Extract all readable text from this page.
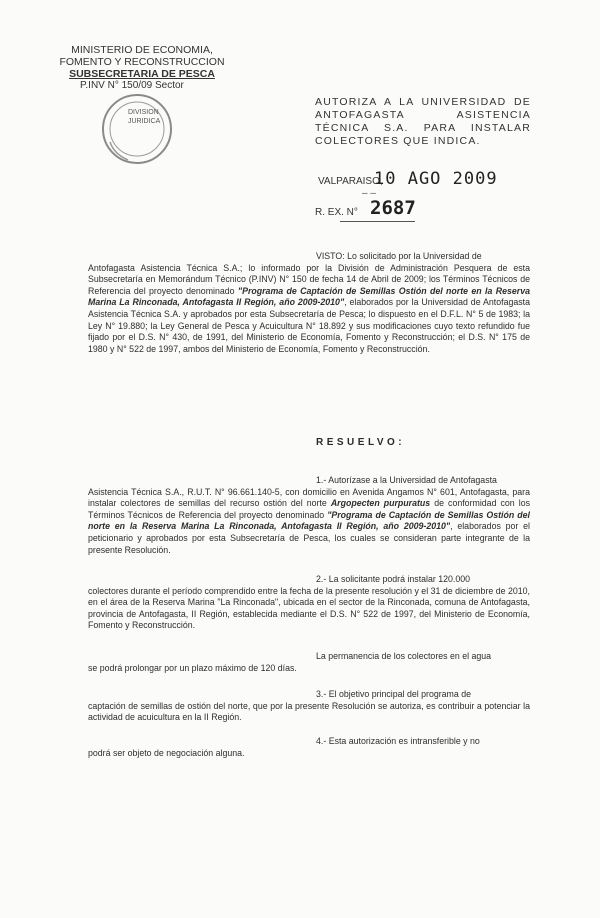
MINISTERIO DE ECONOMIA,
FOMENTO Y RECONSTRUCCION
SUBSECRETARIA DE PESCA
P.INV N° 150/09 Sector
DIVISION
JURIDICA
AUTORIZA A LA UNIVERSIDAD DE ANTOFAGASTA ASISTENCIA TÉCNICA S.A. PARA INSTALAR COLECTORES QUE INDICA.
VALPARAISO,
10 AGO 2009
– –
R. EX. N° 2687
VISTO: Lo solicitado por la Universidad de
Antofagasta Asistencia Técnica S.A.; lo informado por la División de Administración Pesquera de esta Subsecretaría en Memorándum Técnico (P.INV) N° 150 de fecha 14 de Abril de 2009; los Términos Técnicos de Referencia del proyecto denominado "Programa de Captación de Semillas Ostión del norte en la Reserva Marina La Rinconada, Antofagasta II Región, año 2009-2010", elaborados por la Universidad de Antofagasta Asistencia Técnica S.A. y aprobados por esta Subsecretaría de Pesca; lo dispuesto en el D.F.L. N° 5 de 1983; la Ley N° 19.880; la Ley General de Pesca y Acuicultura N° 18.892 y sus modificaciones cuyo texto refundido fue fijado por el D.S. N° 430, de 1991, del Ministerio de Economía, Fomento y Reconstrucción; el D.S. N° 175 de 1980 y N° 522 de 1997, ambos del Ministerio de Economía, Fomento y Reconstrucción.
RESUELVO:
1.- Autorízase a la Universidad de Antofagasta
Asistencia Técnica S.A., R.U.T. N° 96.661.140-5, con domicilio en Avenida Angamos N° 601, Antofagasta, para instalar colectores de semillas del recurso ostión del norte Argopecten purpuratus de conformidad con los Términos Técnicos de Referencia del proyecto denominado "Programa de Captación de Semillas Ostión del norte en la Reserva Marina La Rinconada, Antofagasta II Región, año 2009-2010", elaborados por el peticionario y aprobados por esta Subsecretaría de Pesca, los cuales se consideran parte integrante de la presente Resolución.
2.- La solicitante podrá instalar 120.000
colectores durante el período comprendido entre la fecha de la presente resolución y el 31 de diciembre de 2010, en el área de la Reserva Marina "La Rinconada", ubicada en el sector de la Rinconada, comuna de Antofagasta, provincia de Antofagasta, II Región, establecida mediante el D.S. N° 522 de 1997, del Ministerio de Economía, Fomento y Reconstrucción.
La permanencia de los colectores en el agua
se podrá prolongar por un plazo máximo de 120 días.
3.- El objetivo principal del programa de
captación de semillas de ostión del norte, que por la presente Resolución se autoriza, es contribuir a potenciar la actividad de acuicultura en la II Región.
4.- Esta autorización es intransferible y no
podrá ser objeto de negociación alguna.
